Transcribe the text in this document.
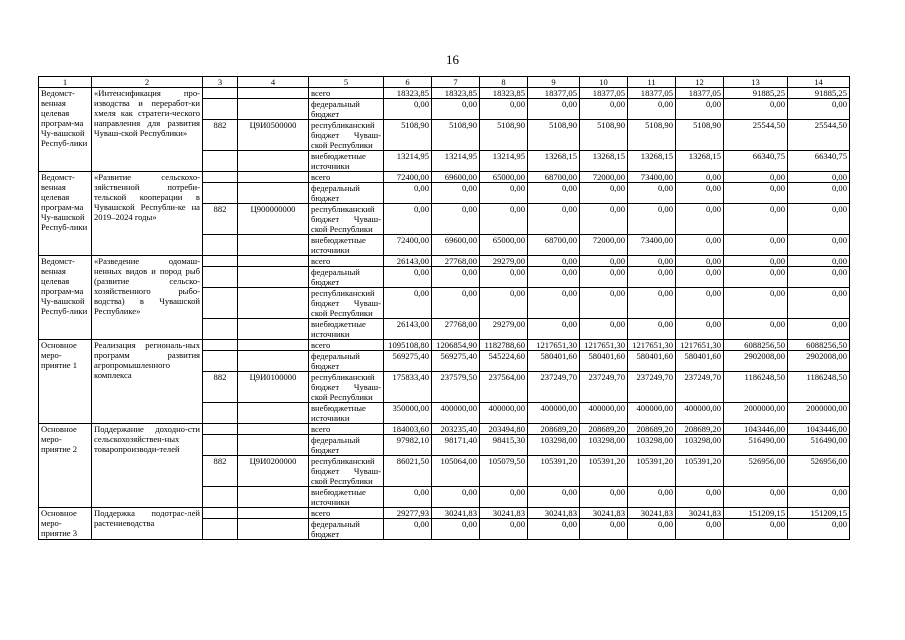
16
1	2	3	4	5	6	7	8	9	10	11	12	13	14
Ведомст-венная целевая програм-ма Чу-вашской Респуб-лики	«Интенсификация про-изводства и переработ-ки хмеля как стратеги-ческого направления для развития Чуваш-ской Республики»			всего	18323,85	18323,85	18323,85	18377,05	18377,05	18377,05	18377,05	91885,25	91885,25
				федеральный бюджет	0,00	0,00	0,00	0,00	0,00	0,00	0,00	0,00	0,00
		882	Ц9И0500000	республиканский бюджет Чуваш-ской Республики	5108,90	5108,90	5108,90	5108,90	5108,90	5108,90	5108,90	25544,50	25544,50
				внебюджетные источники	13214,95	13214,95	13214,95	13268,15	13268,15	13268,15	13268,15	66340,75	66340,75
Ведомст-венная целевая програм-ма Чу-вашской Респуб-лики	«Развитие сельскохо-зяйственной потреби-тельской кооперации в Чувашской Республи-ке на 2019–2024 годы»			всего	72400,00	69600,00	65000,00	68700,00	72000,00	73400,00	0,00	0,00	0,00
				федеральный бюджет	0,00	0,00	0,00	0,00	0,00	0,00	0,00	0,00	0,00
		882	Ц900000000	республиканский бюджет Чуваш-ской Республики	0,00	0,00	0,00	0,00	0,00	0,00	0,00	0,00	0,00
				внебюджетные источники	72400,00	69600,00	65000,00	68700,00	72000,00	73400,00	0,00	0,00	0,00
Ведомст-венная целевая програм-ма Чу-вашской Респуб-лики	«Разведение одомаш-ненных видов и пород рыб (развитие сельско-хозяйственного рыбо-водства) в Чувашской Республике»			всего	26143,00	27768,00	29279,00	0,00	0,00	0,00	0,00	0,00	0,00
				федеральный бюджет	0,00	0,00	0,00	0,00	0,00	0,00	0,00	0,00	0,00
				республиканский бюджет Чуваш-ской Республики	0,00	0,00	0,00	0,00	0,00	0,00	0,00	0,00	0,00
				внебюджетные источники	26143,00	27768,00	29279,00	0,00	0,00	0,00	0,00	0,00	0,00
Основное меро-приятие 1	Реализация региональ-ных программ развития агропромышленного комплекса			всего	1095108,80	1206854,90	1182788,60	1217651,30	1217651,30	1217651,30	1217651,30	6088256,50	6088256,50
				федеральный бюджет	569275,40	569275,40	545224,60	580401,60	580401,60	580401,60	580401,60	2902008,00	2902008,00
		882	Ц9И0100000	республиканский бюджет Чуваш-ской Республики	175833,40	237579,50	237564,00	237249,70	237249,70	237249,70	237249,70	1186248,50	1186248,50
				внебюджетные источники	350000,00	400000,00	400000,00	400000,00	400000,00	400000,00	400000,00	2000000,00	2000000,00
Основное меро-приятие 2	Поддержание доходно-сти сельскохозяйствен-ных товаропроизводи-телей			всего	184003,60	203235,40	203494,80	208689,20	208689,20	208689,20	208689,20	1043446,00	1043446,00
				федеральный бюджет	97982,10	98171,40	98415,30	103298,00	103298,00	103298,00	103298,00	516490,00	516490,00
		882	Ц9И0200000	республиканский бюджет Чуваш-ской Республики	86021,50	105064,00	105079,50	105391,20	105391,20	105391,20	105391,20	526956,00	526956,00
				внебюджетные источники	0,00	0,00	0,00	0,00	0,00	0,00	0,00	0,00	0,00
Основное меро-приятие 3	Поддержка подотрас-лей растениеводства			всего	29277,93	30241,83	30241,83	30241,83	30241,83	30241,83	30241,83	151209,15	151209,15
				федеральный бюджет	0,00	0,00	0,00	0,00	0,00	0,00	0,00	0,00	0,00
